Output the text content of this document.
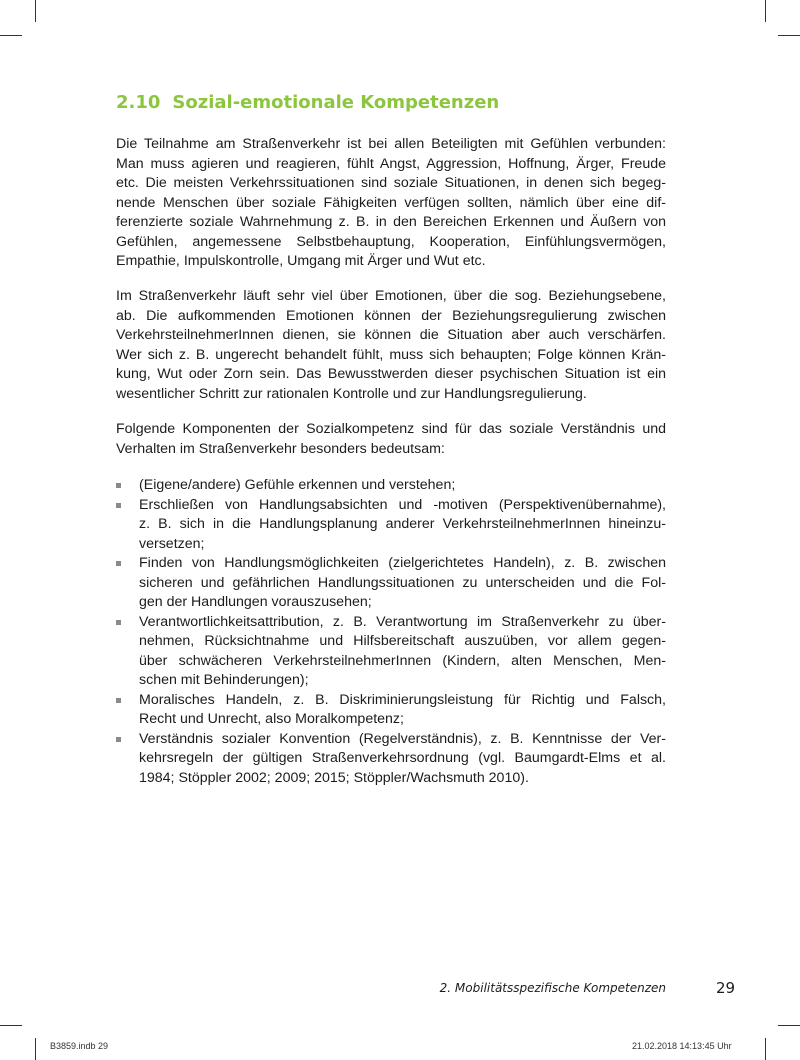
2.10 Sozial-emotionale Kompetenzen
Die Teilnahme am Straßenverkehr ist bei allen Beteiligten mit Gefühlen verbunden:
Man muss agieren und reagieren, fühlt Angst, Aggression, Hoffnung, Ärger, Freude
etc. Die meisten Verkehrssituationen sind soziale Situationen, in denen sich begeg-
nende Menschen über soziale Fähigkeiten verfügen sollten, nämlich über eine dif-
ferenzierte soziale Wahrnehmung z. B. in den Bereichen Erkennen und Äußern von
Gefühlen, angemessene Selbstbehauptung, Kooperation, Einfühlungsvermögen,
Empathie, Impulskontrolle, Umgang mit Ärger und Wut etc.
Im Straßenverkehr läuft sehr viel über Emotionen, über die sog. Beziehungsebene,
ab. Die aufkommenden Emotionen können der Beziehungsregulierung zwischen
VerkehrsteilnehmerInnen dienen, sie können die Situation aber auch verschärfen.
Wer sich z. B. ungerecht behandelt fühlt, muss sich behaupten; Folge können Krän-
kung, Wut oder Zorn sein. Das Bewusstwerden dieser psychischen Situation ist ein
wesentlicher Schritt zur rationalen Kontrolle und zur Handlungsregulierung.
Folgende Komponenten der Sozialkompetenz sind für das soziale Verständnis und
Verhalten im Straßenverkehr besonders bedeutsam:
(Eigene/andere) Gefühle erkennen und verstehen;
Erschließen von Handlungsabsichten und -motiven (Perspektivenübernahme),
z. B. sich in die Handlungsplanung anderer VerkehrsteilnehmerInnen hineinzu-
versetzen;
Finden von Handlungsmöglichkeiten (zielgerichtetes Handeln), z. B. zwischen
sicheren und gefährlichen Handlungssituationen zu unterscheiden und die Fol-
gen der Handlungen vorauszusehen;
Verantwortlichkeitsattribution, z. B. Verantwortung im Straßenverkehr zu über-
nehmen, Rücksichtnahme und Hilfsbereitschaft auszuüben, vor allem gegen-
über schwächeren VerkehrsteilnehmerInnen (Kindern, alten Menschen, Men-
schen mit Behinderungen);
Moralisches Handeln, z. B. Diskriminierungsleistung für Richtig und Falsch,
Recht und Unrecht, also Moralkompetenz;
Verständnis sozialer Konvention (Regelverständnis), z. B. Kenntnisse der Ver-
kehrsregeln der gültigen Straßenverkehrsordnung (vgl. Baumgardt-Elms et al.
1984; Stöppler 2002; 2009; 2015; Stöppler/Wachsmuth 2010).
2. Mobilitätsspezifische Kompetenzen	29
B3859.indb 29	21.02.2018 14:13:45 Uhr
